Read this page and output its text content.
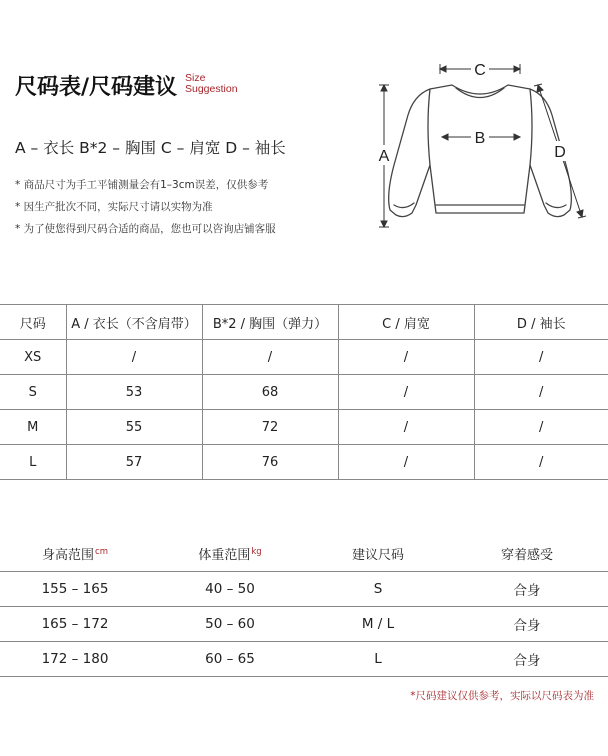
尺码表/尺码建议 Size
Suggestion
A – 衣长 B*2 – 胸围 C – 肩宽 D – 袖长
* 商品尺寸为手工平铺测量会有1–3cm误差，仅供参考
* 因生产批次不同，实际尺寸请以实物为准
* 为了使您得到尺码合适的商品，您也可以咨询店铺客服
C
B
A	D
尺码	A / 衣长（不含肩带）	B*2 / 胸围（弹力）	C / 肩宽	D / 袖长
XS	/	/	/	/
S	53	68	/	/
M	55	72	/	/
L	57	76	/	/
身高范围$^{cm}$	体重范围$^{kg}$	建议尺码	穿着感受
155 – 165	40 – 50	S	合身
165 – 172	50 – 60	M / L	合身
172 – 180	60 – 65	L	合身
*尺码建议仅供参考，实际以尺码表为准
